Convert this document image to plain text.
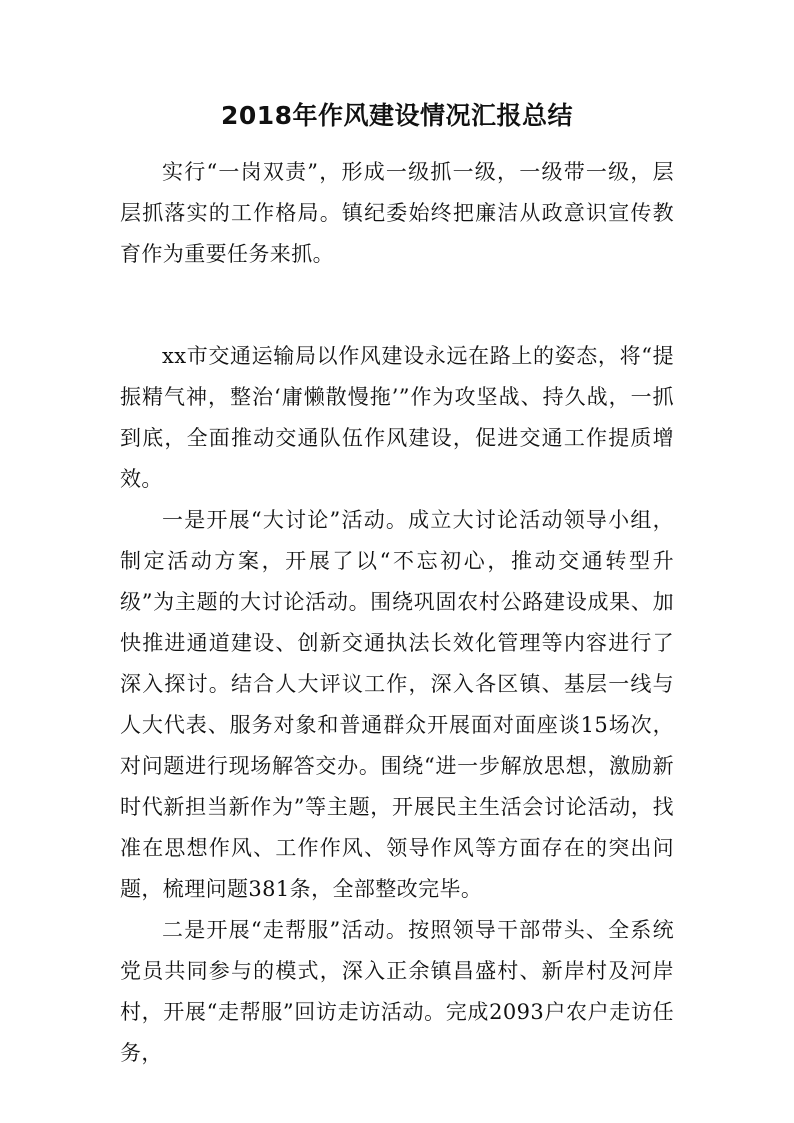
2018年作风建设情况汇报总结

实行“一岗双责”，形成一级抓一级，一级带一级，层层抓落实的工作格局。镇纪委始终把廉洁从政意识宣传教育作为重要任务来抓。

xx市交通运输局以作风建设永远在路上的姿态，将“提振精气神，整治‘庸懒散慢拖’”作为攻坚战、持久战，一抓到底，全面推动交通队伍作风建设，促进交通工作提质增效。

一是开展“大讨论”活动。成立大讨论活动领导小组，制定活动方案，开展了以“不忘初心，推动交通转型升级”为主题的大讨论活动。围绕巩固农村公路建设成果、加快推进通道建设、创新交通执法长效化管理等内容进行了深入探讨。结合人大评议工作，深入各区镇、基层一线与人大代表、服务对象和普通群众开展面对面座谈15场次，对问题进行现场解答交办。围绕“进一步解放思想，激励新时代新担当新作为”等主题，开展民主生活会讨论活动，找准在思想作风、工作作风、领导作风等方面存在的突出问题，梳理问题381条，全部整改完毕。

二是开展“走帮服”活动。按照领导干部带头、全系统党员共同参与的模式，深入正余镇昌盛村、新岸村及河岸村，开展“走帮服”回访走访活动。完成2093户农户走访任务，
